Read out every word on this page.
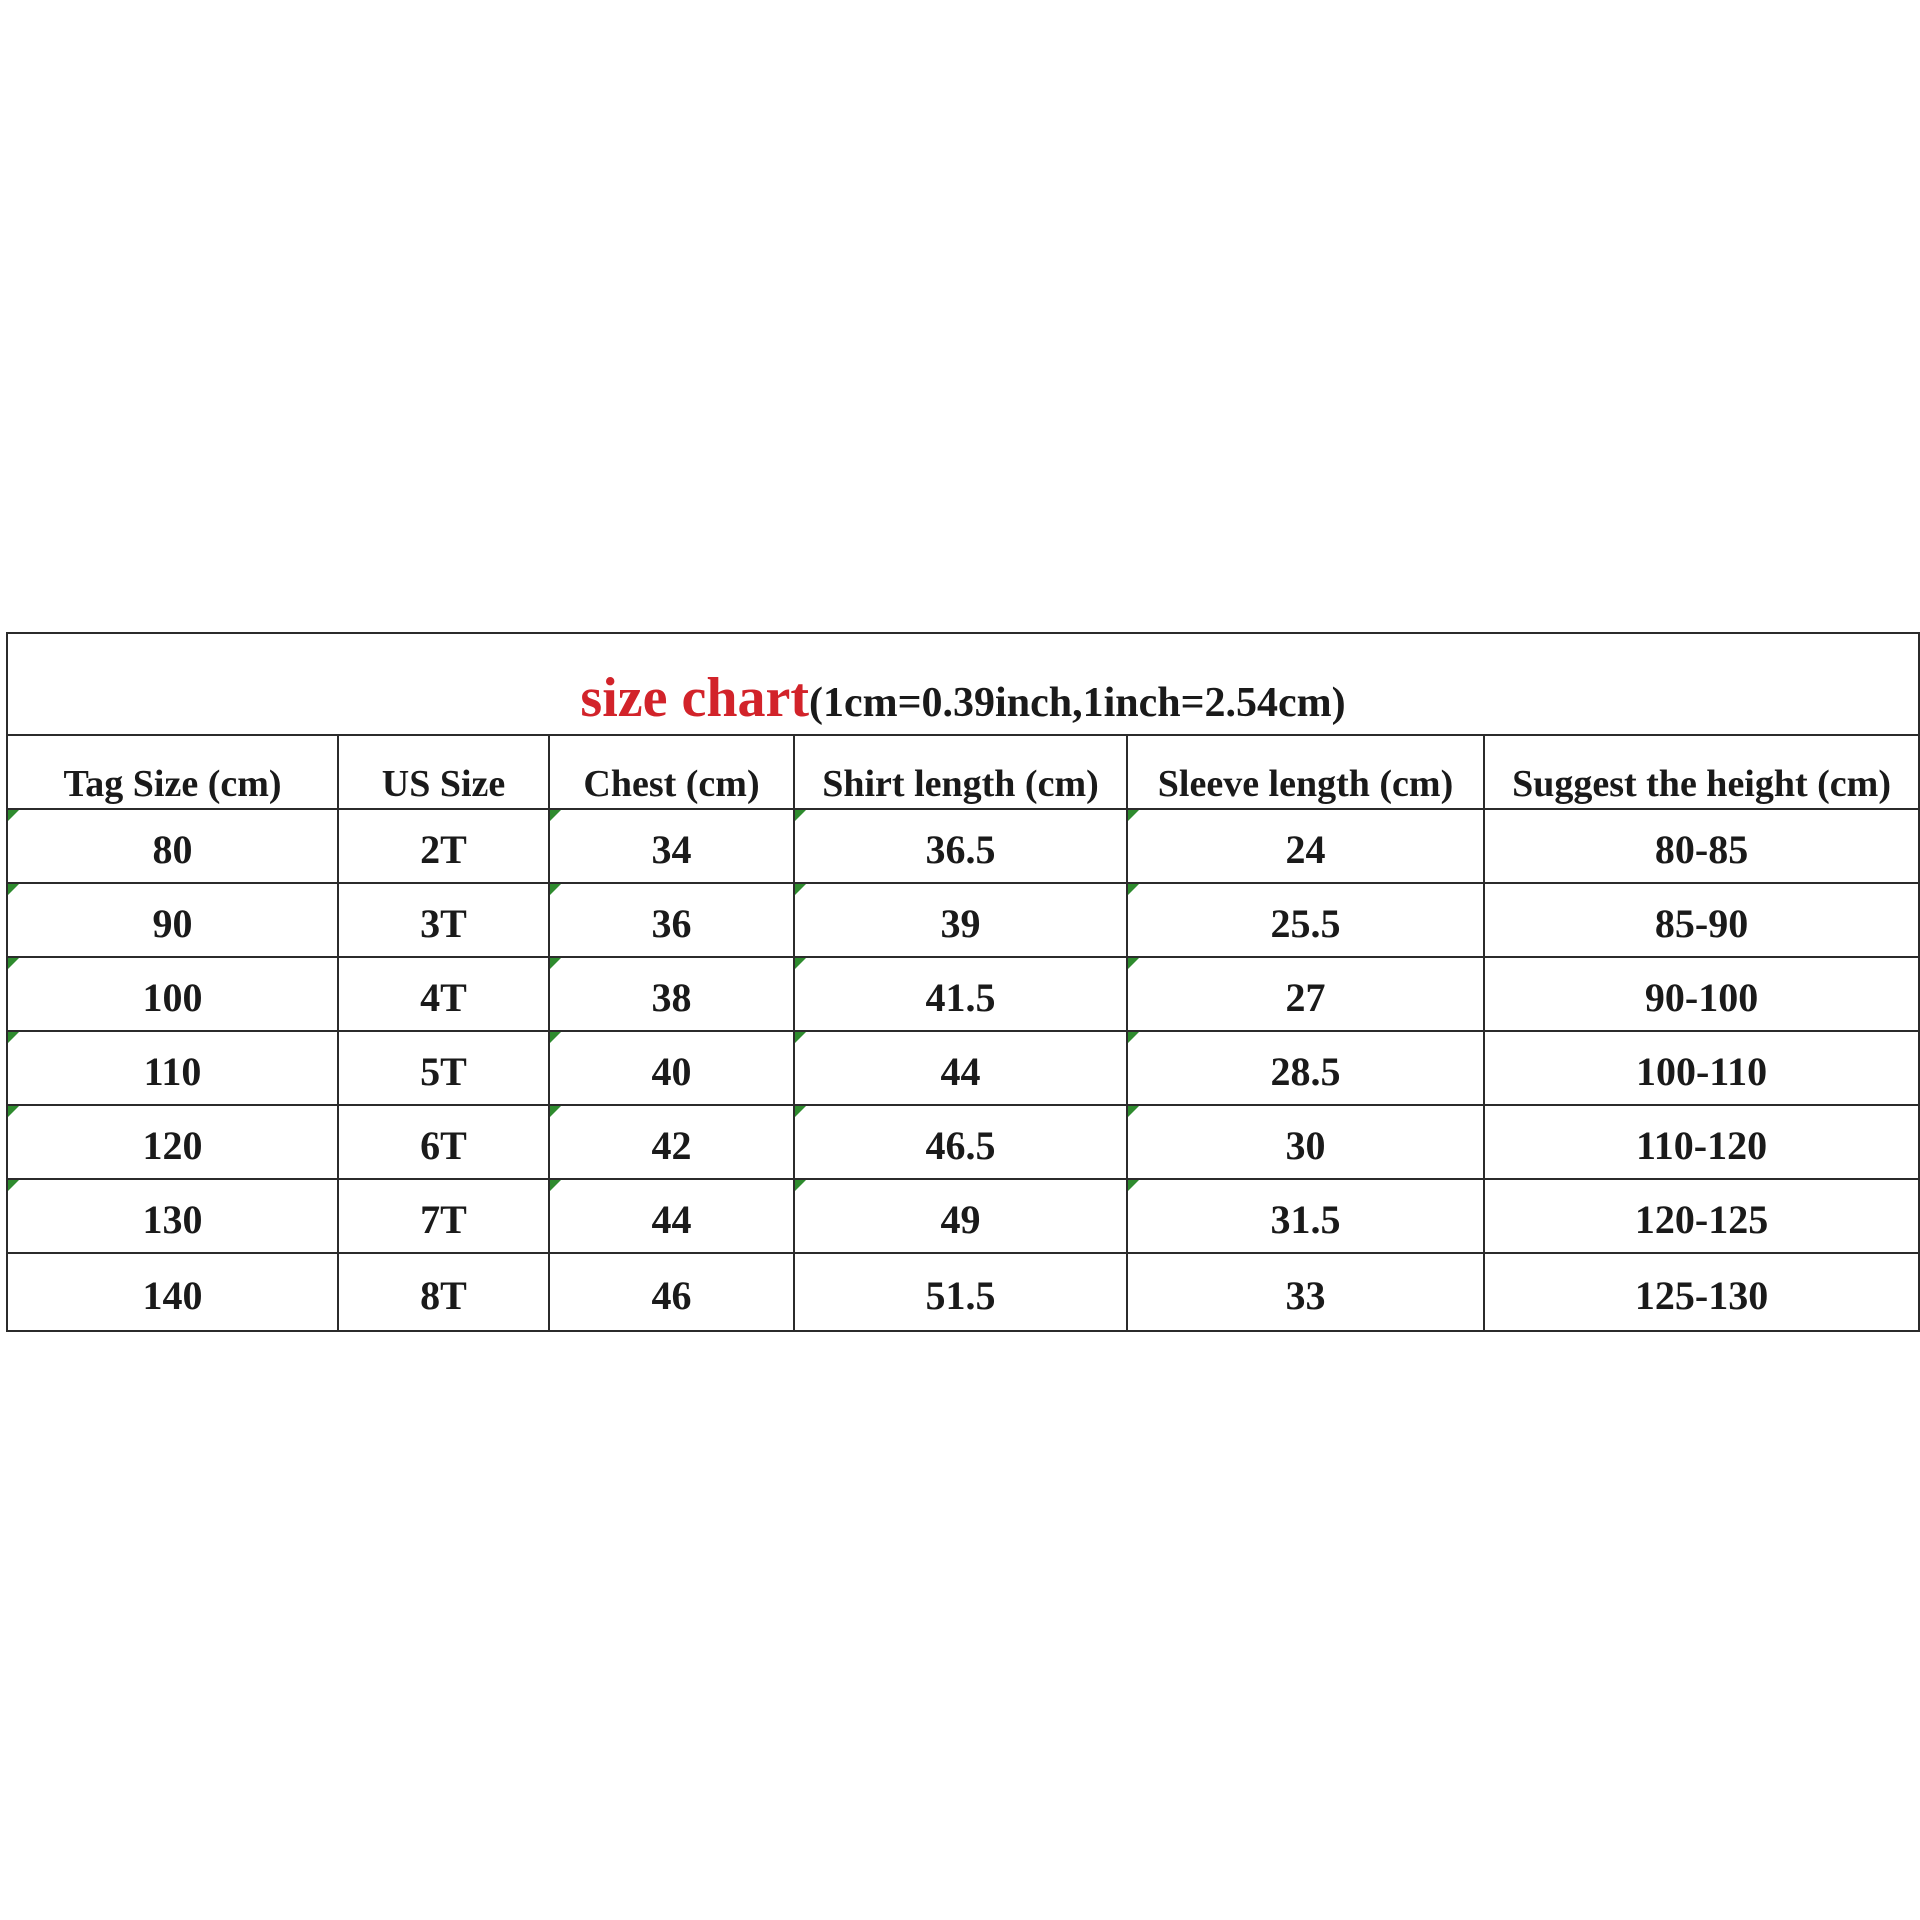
size chart(1cm=0.39inch,1inch=2.54cm)					

Tag Size (cm)	US Size	Chest (cm)	Shirt length (cm)	Sleeve length (cm)	Suggest the height (cm)

80	2T	34	36.5	24	80-85

90	3T	36	39	25.5	85-90

100	4T	38	41.5	27	90-100

110	5T	40	44	28.5	100-110

120	6T	42	46.5	30	110-120

130	7T	44	49	31.5	120-125
140	8T	46	51.5	33	125-130
